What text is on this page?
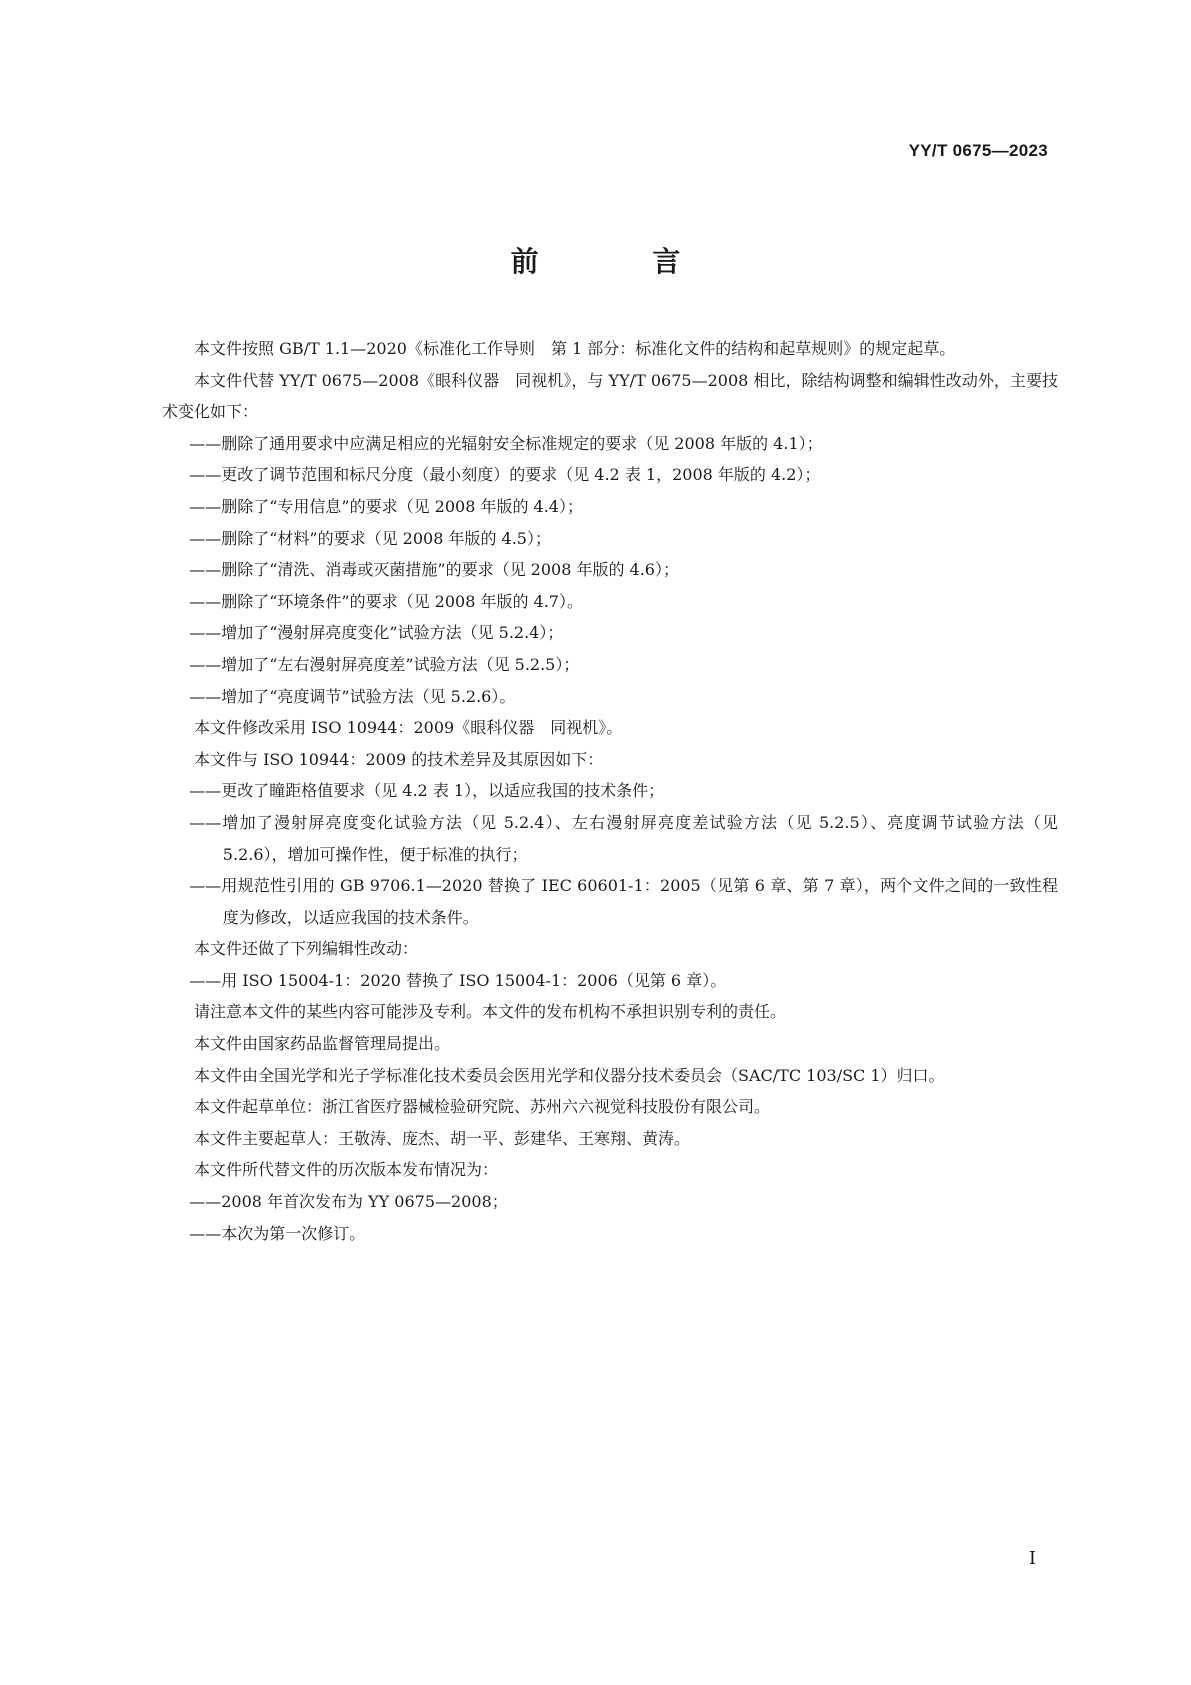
YY/T 0675—2023
前 言

本文件按照 GB/T 1.1—2020《标准化工作导则　第 1 部分：标准化文件的结构和起草规则》的规定起草。

本文件代替 YY/T 0675—2008《眼科仪器　同视机》，与 YY/T 0675—2008 相比，除结构调整和编辑性改动外，主要技术变化如下：

——删除了通用要求中应满足相应的光辐射安全标准规定的要求（见 2008 年版的 4.1）；

——更改了调节范围和标尺分度（最小刻度）的要求（见 4.2 表 1，2008 年版的 4.2）；

——删除了“专用信息”的要求（见 2008 年版的 4.4）；

——删除了“材料”的要求（见 2008 年版的 4.5）；

——删除了“清洗、消毒或灭菌措施”的要求（见 2008 年版的 4.6）；

——删除了“环境条件”的要求（见 2008 年版的 4.7）。

——增加了“漫射屏亮度变化”试验方法（见 5.2.4）；

——增加了“左右漫射屏亮度差”试验方法（见 5.2.5）；

——增加了“亮度调节”试验方法（见 5.2.6）。

本文件修改采用 ISO 10944：2009《眼科仪器　同视机》。

本文件与 ISO 10944：2009 的技术差异及其原因如下：

——更改了瞳距格值要求（见 4.2 表 1），以适应我国的技术条件；

——增加了漫射屏亮度变化试验方法（见 5.2.4）、左右漫射屏亮度差试验方法（见 5.2.5）、亮度调节试验方法（见 5.2.6），增加可操作性，便于标准的执行；

——用规范性引用的 GB 9706.1—2020 替换了 IEC 60601-1：2005（见第 6 章、第 7 章），两个文件之间的一致性程度为修改，以适应我国的技术条件。

本文件还做了下列编辑性改动：

——用 ISO 15004-1：2020 替换了 ISO 15004-1：2006（见第 6 章）。

请注意本文件的某些内容可能涉及专利。本文件的发布机构不承担识别专利的责任。

本文件由国家药品监督管理局提出。

本文件由全国光学和光子学标准化技术委员会医用光学和仪器分技术委员会（SAC/TC 103/SC 1）归口。

本文件起草单位：浙江省医疗器械检验研究院、苏州六六视觉科技股份有限公司。

本文件主要起草人：王敬涛、庞杰、胡一平、彭建华、王寒翔、黄涛。

本文件所代替文件的历次版本发布情况为：

——2008 年首次发布为 YY 0675—2008；

——本次为第一次修订。

I
